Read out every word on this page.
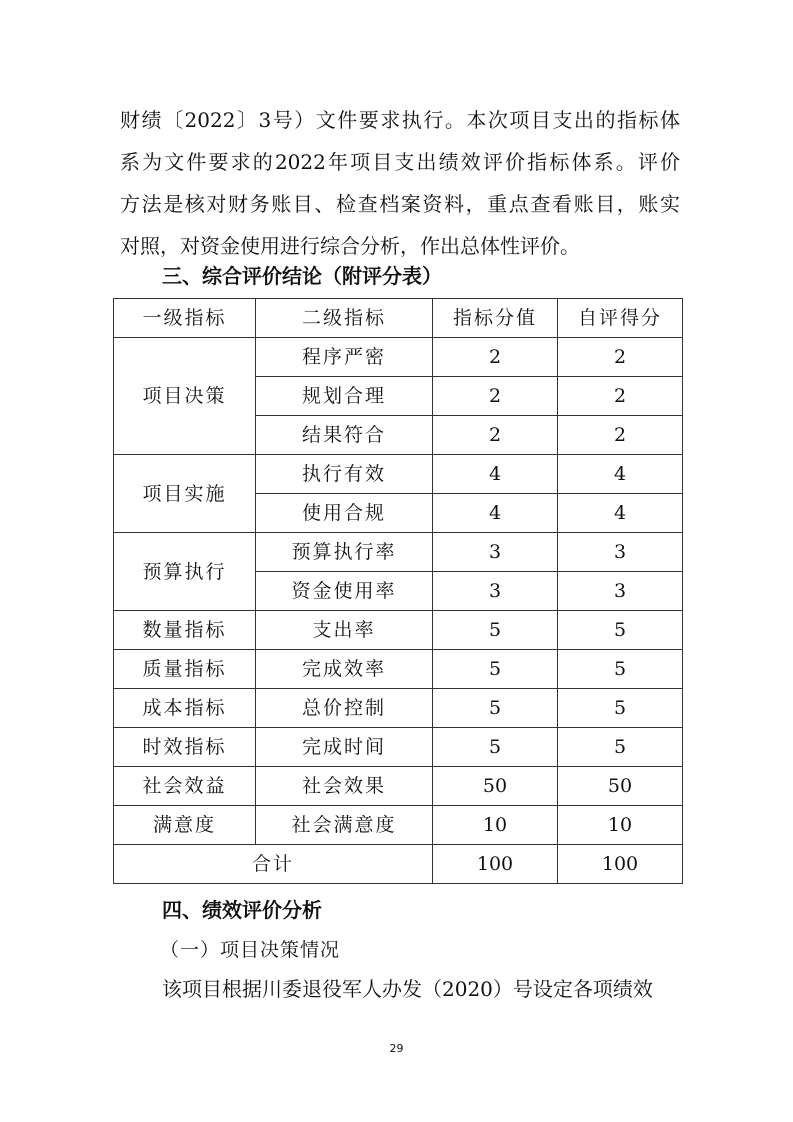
财绩〔2022〕3号）文件要求执行。本次项目支出的指标体
系为文件要求的2022年项目支出绩效评价指标体系。评价
方法是核对财务账目、检查档案资料，重点查看账目，账实
对照，对资金使用进行综合分析，作出总体性评价。
三、综合评价结论（附评分表）
一级指标	二级指标	指标分值	自评得分
项目决策	程序严密	2	2
	规划合理	2	2
	结果符合	2	2
项目实施	执行有效	4	4
	使用合规	4	4
预算执行	预算执行率	3	3
	资金使用率	3	3
数量指标	支出率	5	5
质量指标	完成效率	5	5
成本指标	总价控制	5	5
时效指标	完成时间	5	5
社会效益	社会效果	50	50
满意度	社会满意度	10	10
合计		100	100
四、绩效评价分析
（一）项目决策情况
该项目根据川委退役军人办发（2020）号设定各项绩效
29
